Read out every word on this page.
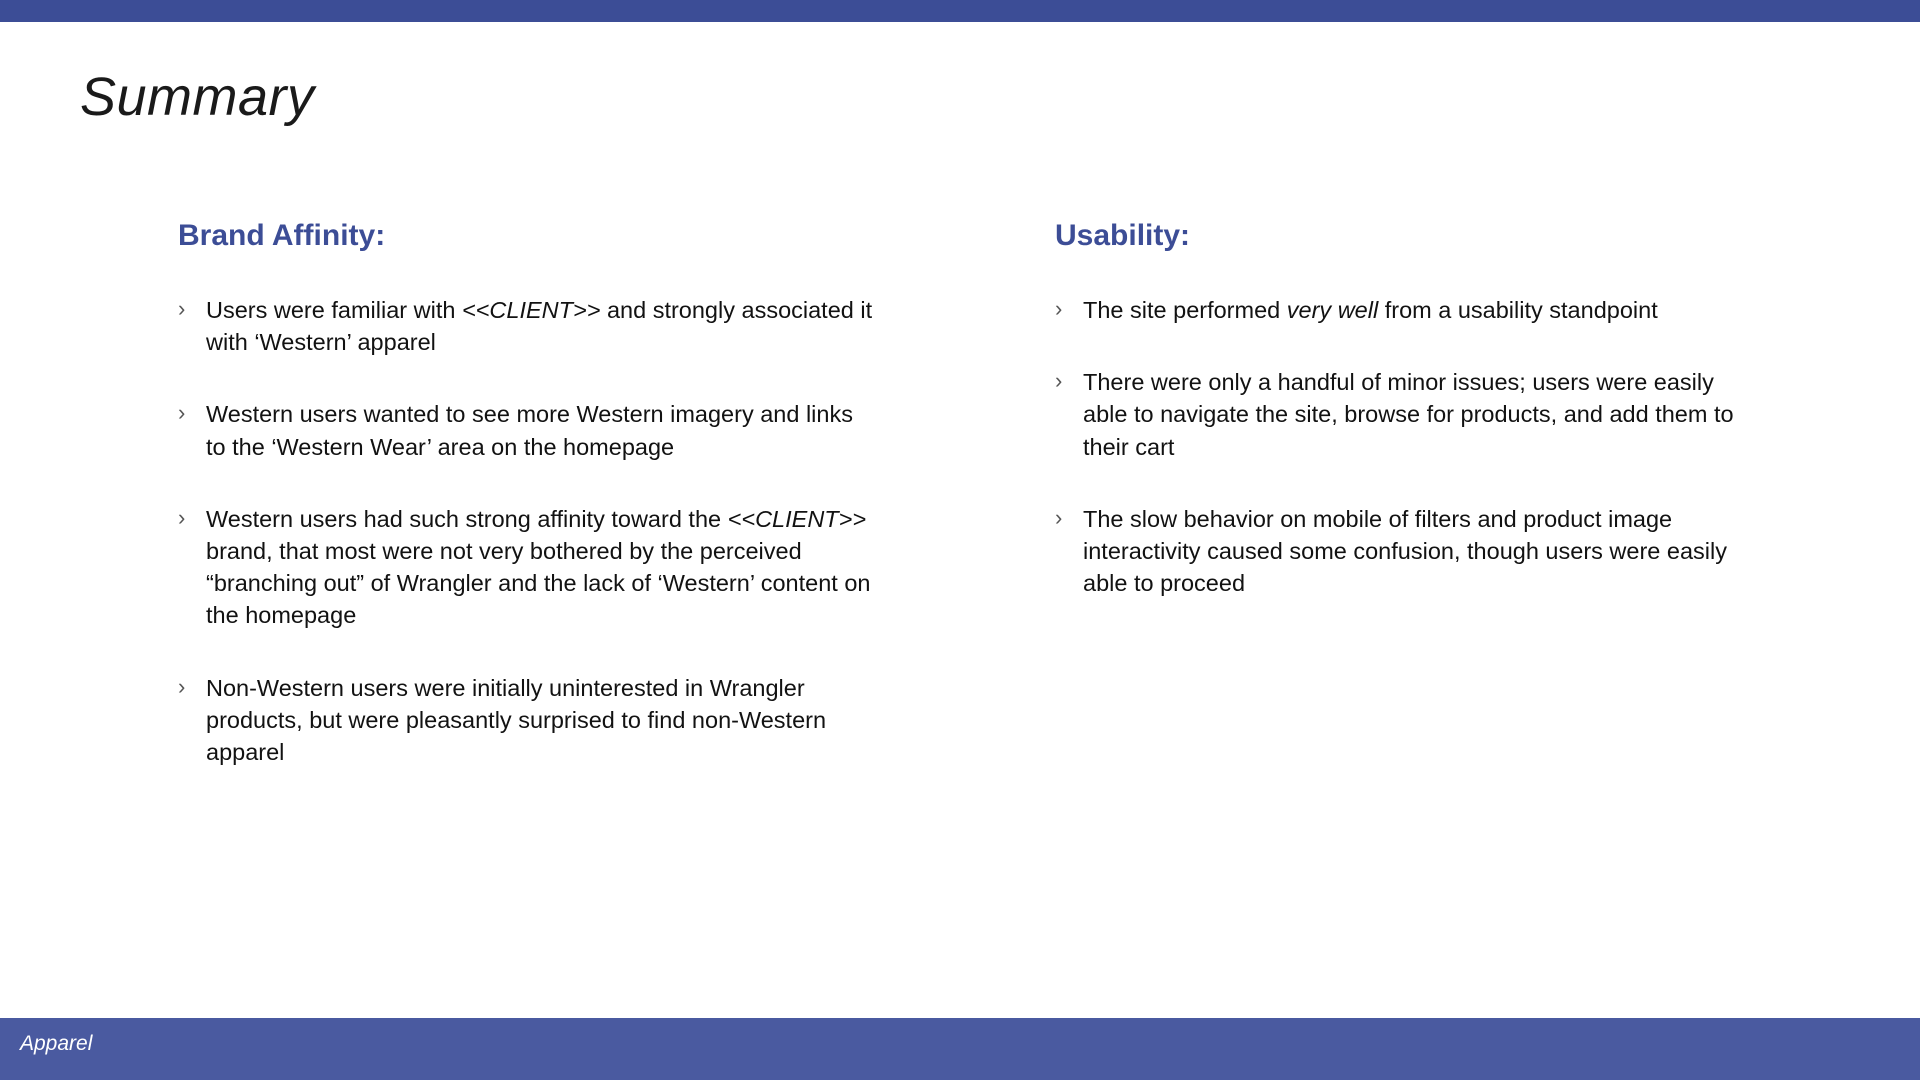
Summary
Brand Affinity:
› Users were familiar with <<CLIENT>> and strongly associated it with ‘Western’ apparel
› Western users wanted to see more Western imagery and links to the ‘Western Wear’ area on the homepage
› Western users had such strong affinity toward the <<CLIENT>> brand, that most were not very bothered by the perceived “branching out” of Wrangler and the lack of ‘Western’ content on the homepage
› Non-Western users were initially uninterested in Wrangler products, but were pleasantly surprised to find non-Western apparel
Usability:
› The site performed very well from a usability standpoint
› There were only a handful of minor issues; users were easily able to navigate the site, browse for products, and add them to their cart
› The slow behavior on mobile of filters and product image interactivity caused some confusion, though users were easily able to proceed
Apparel
